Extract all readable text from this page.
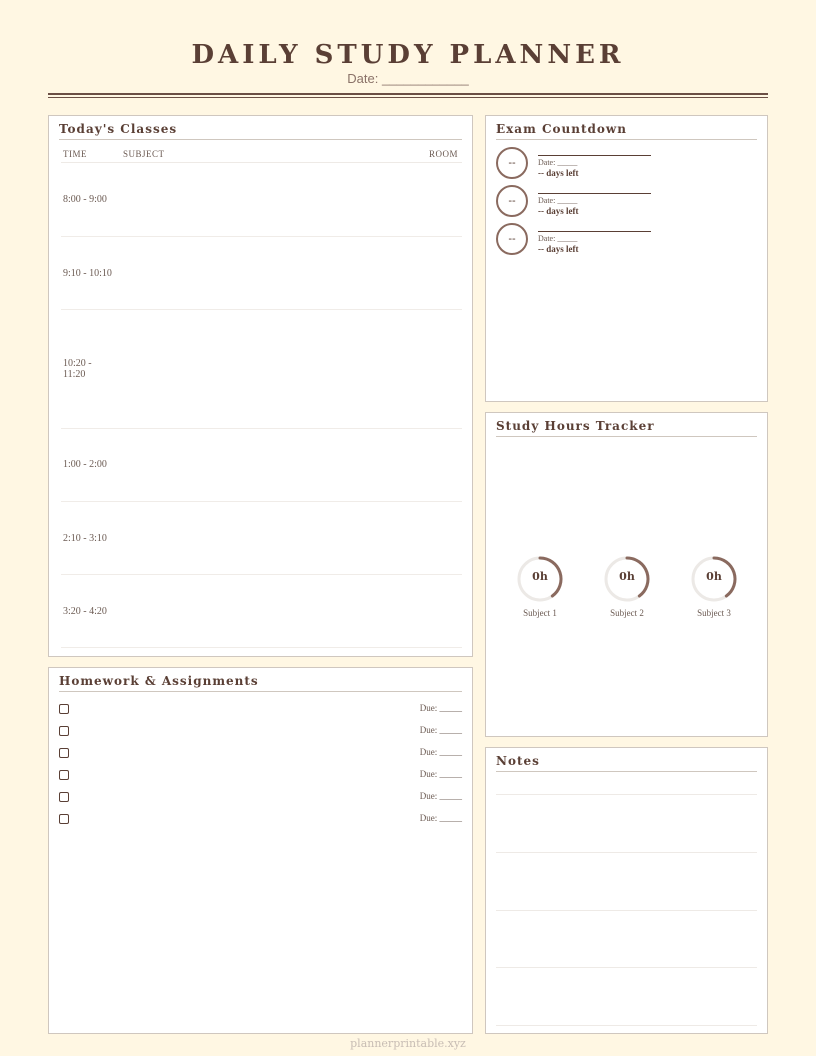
DAILY STUDY PLANNER
Date: ____________
Today's Classes
TIME	SUBJECT	ROOM
8:00 - 9:00
9:10 - 10:10
10:20 - 11:20
1:00 - 2:00
2:10 - 3:10
3:20 - 4:20
Exam Countdown
--	Date: _____
-- days left
--	Date: _____
-- days left
--	Date: _____
-- days left
Study Hours Tracker
0h
Subject 1
0h
Subject 2
0h
Subject 3
Homework & Assignments
Due: _____
Due: _____
Due: _____
Due: _____
Due: _____
Due: _____
Notes
plannerprintable.xyz
